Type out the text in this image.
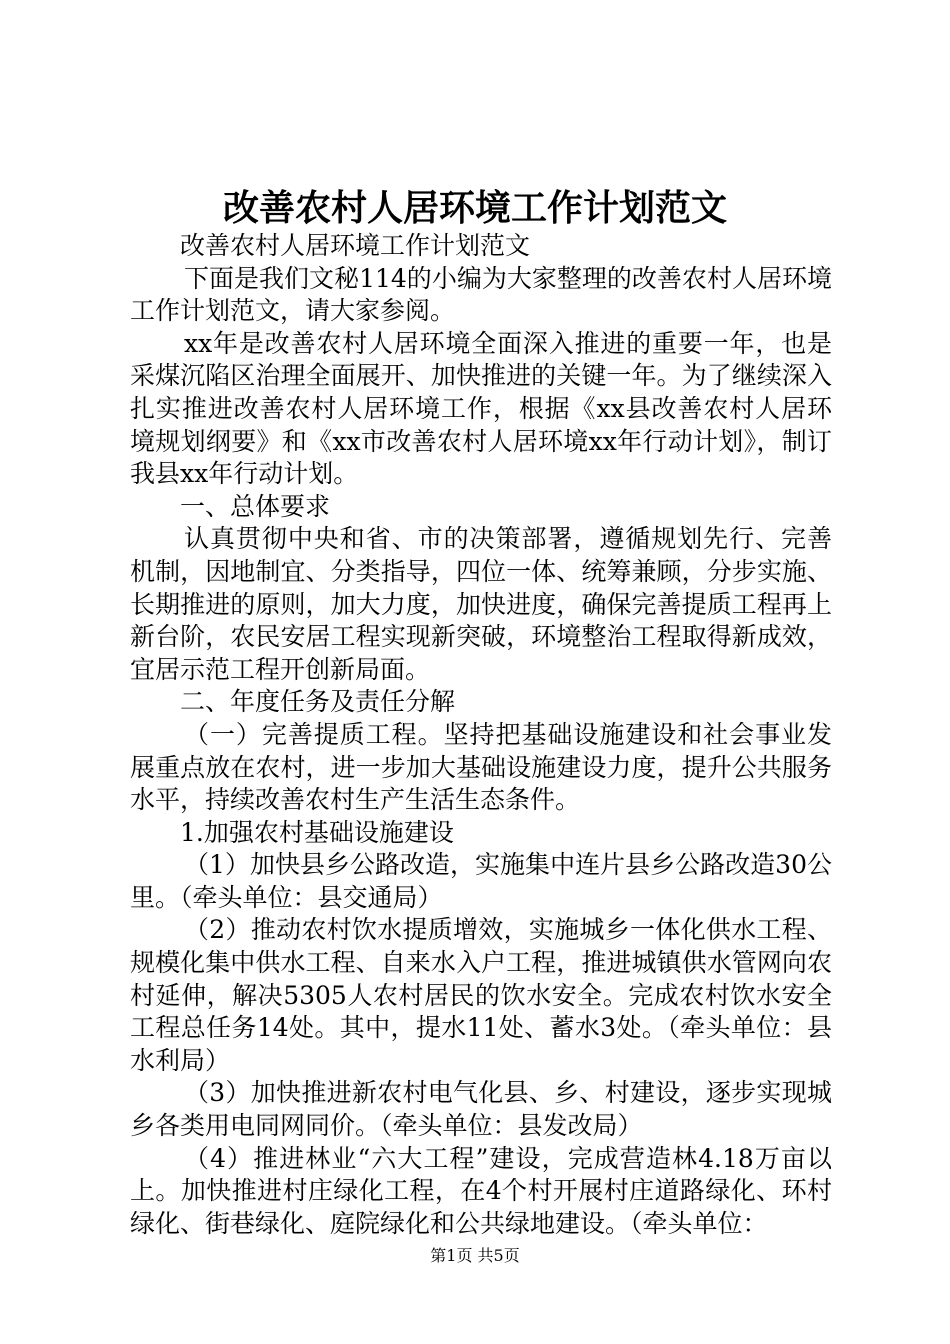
改善农村人居环境工作计划范文

改善农村人居环境工作计划范文

下面是我们文秘114的小编为大家整理的改善农村人居环境工作计划范文，请大家参阅。

xx年是改善农村人居环境全面深入推进的重要一年，也是采煤沉陷区治理全面展开、加快推进的关键一年。为了继续深入扎实推进改善农村人居环境工作，根据《xx县改善农村人居环境规划纲要》和《xx市改善农村人居环境xx年行动计划》，制订我县xx年行动计划。

一、总体要求

认真贯彻中央和省、市的决策部署，遵循规划先行、完善机制，因地制宜、分类指导，四位一体、统筹兼顾，分步实施、长期推进的原则，加大力度，加快进度，确保完善提质工程再上新台阶，农民安居工程实现新突破，环境整治工程取得新成效，宜居示范工程开创新局面。

二、年度任务及责任分解

（一）完善提质工程。坚持把基础设施建设和社会事业发展重点放在农村，进一步加大基础设施建设力度，提升公共服务水平，持续改善农村生产生活生态条件。

1.加强农村基础设施建设

（1）加快县乡公路改造，实施集中连片县乡公路改造30公里。（牵头单位：县交通局）

（2）推动农村饮水提质增效，实施城乡一体化供水工程、规模化集中供水工程、自来水入户工程，推进城镇供水管网向农村延伸，解决5305人农村居民的饮水安全。完成农村饮水安全工程总任务14处。其中，提水11处、蓄水3处。（牵头单位：县水利局）

（3）加快推进新农村电气化县、乡、村建设，逐步实现城乡各类用电同网同价。（牵头单位：县发改局）

（4）推进林业“六大工程”建设，完成营造林4.18万亩以上。加快推进村庄绿化工程，在4个村开展村庄道路绿化、环村绿化、街巷绿化、庭院绿化和公共绿地建设。（牵头单位：

第1页 共5页
